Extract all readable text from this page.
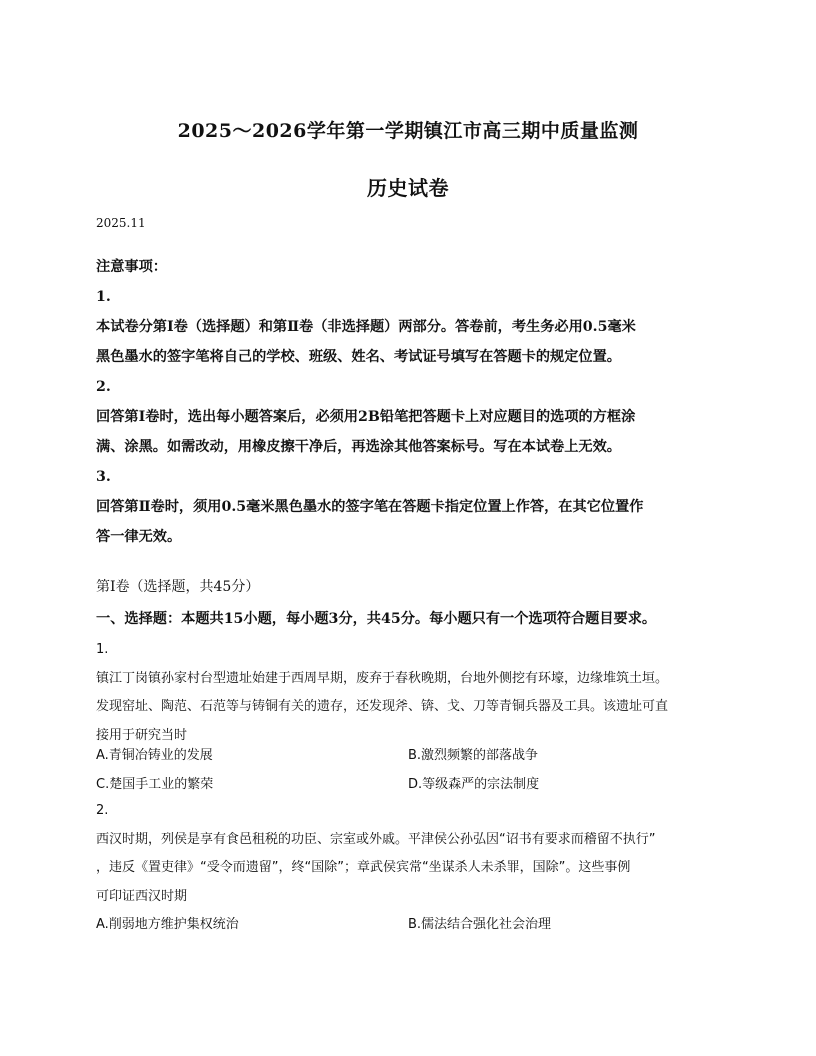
2025～2026学年第一学期镇江市高三期中质量监测
历史试卷
2025.11
注意事项：
1.
本试卷分第Ⅰ卷（选择题）和第Ⅱ卷（非选择题）两部分。答卷前，考生务必用0.5毫米
黑色墨水的签字笔将自己的学校、班级、姓名、考试证号填写在答题卡的规定位置。
2.
回答第Ⅰ卷时，选出每小题答案后，必须用2B铅笔把答题卡上对应题目的选项的方框涂
满、涂黑。如需改动，用橡皮擦干净后，再选涂其他答案标号。写在本试卷上无效。
3.
回答第Ⅱ卷时，须用0.5毫米黑色墨水的签字笔在答题卡指定位置上作答，在其它位置作
答一律无效。
第Ⅰ卷（选择题，共45分）
一、选择题：本题共15小题，每小题3分，共45分。每小题只有一个选项符合题目要求。
1.
镇江丁岗镇孙家村台型遗址始建于西周早期，废弃于春秋晚期，台地外侧挖有环壕，边缘堆筑土垣。
发现窑址、陶范、石范等与铸铜有关的遗存，还发现斧、锛、戈、刀等青铜兵器及工具。该遗址可直
接用于研究当时
A.青铜冶铸业的发展	B.激烈频繁的部落战争
C.楚国手工业的繁荣	D.等级森严的宗法制度
2.
西汉时期，列侯是享有食邑租税的功臣、宗室或外戚。平津侯公孙弘因“诏书有要求而稽留不执行”
，违反《置吏律》“受令而遗留”，终“国除”；章武侯宾常“坐谋杀人未杀罪，国除”。这些事例
可印证西汉时期
A.削弱地方维护集权统治	B.儒法结合强化社会治理
